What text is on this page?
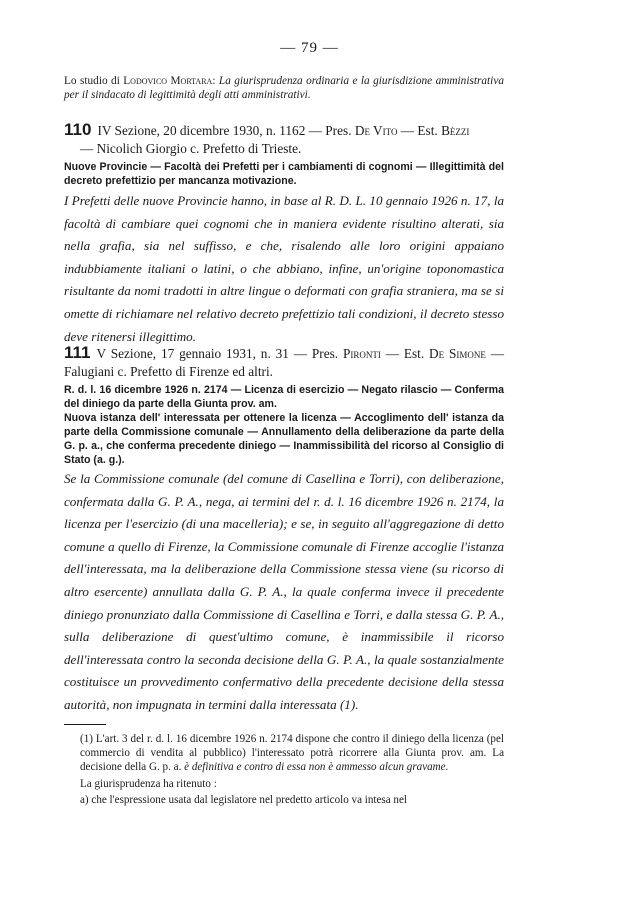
— 79 —
Lo studio di Lodovico Mortara: La giurisprudenza ordinaria e la giurisdizione amministrativa per il sindacato di legittimità degli atti amministrativi.
110 IV Sezione, 20 dicembre 1930, n. 1162 — Pres. De Vito — Est. Bèzzi
— Nicolich Giorgio c. Prefetto di Trieste.
Nuove Provincie — Facoltà dei Prefetti per i cambiamenti di cognomi — Illegittimità del decreto prefettizio per mancanza motivazione.
I Prefetti delle nuove Provincie hanno, in base al R. D. L. 10 gennaio 1926 n. 17, la facoltà di cambiare quei cognomi che in maniera evidente risultino alterati, sia nella grafia, sia nel suffisso, e che, risalendo alle loro origini appaiano indubbiamente italiani o latini, o che abbiano, infine, un'origine toponomastica risultante da nomi tradotti in altre lingue o deformati con grafia straniera, ma se si omette di richiamare nel relativo decreto prefettizio tali condizioni, il decreto stesso deve ritenersi illegittimo.
111 V Sezione, 17 gennaio 1931, n. 31 — Pres. Pironti — Est. De Simone — Falugiani c. Prefetto di Firenze ed altri.
R. d. l. 16 dicembre 1926 n. 2174 — Licenza di esercizio — Negato rilascio — Conferma del diniego da parte della Giunta prov. am.
Nuova istanza dell' interessata per ottenere la licenza — Accoglimento dell' istanza da parte della Commissione comunale — Annullamento della deliberazione da parte della G. p. a., che conferma precedente diniego — Inammissibilità del ricorso al Consiglio di Stato (a. g.).
Se la Commissione comunale (del comune di Casellina e Torri), con deliberazione, confermata dalla G. P. A., nega, ai termini del r. d. l. 16 dicembre 1926 n. 2174, la licenza per l'esercizio (di una macelleria); e se, in seguito all'aggregazione di detto comune a quello di Firenze, la Commissione comunale di Firenze accoglie l'istanza dell'interessata, ma la deliberazione della Commissione stessa viene (su ricorso di altro esercente) annullata dalla G. P. A., la quale conferma invece il precedente diniego pronunziato dalla Commissione di Casellina e Torri, e dalla stessa G. P. A., sulla deliberazione di quest'ultimo comune, è inammissibile il ricorso dell'interessata contro la seconda decisione della G. P. A., la quale sostanzialmente costituisce un provvedimento confermativo della precedente decisione della stessa autorità, non impugnata in termini dalla interessata (1).
(1) L'art. 3 del r. d. l. 16 dicembre 1926 n. 2174 dispone che contro il diniego della licenza (pel commercio di vendita al pubblico) l'interessato potrà ricorrere alla Giunta prov. am. La decisione della G. p. a. è definitiva e contro di essa non è ammesso alcun gravame.
La giurisprudenza ha ritenuto :
a) che l'espressione usata dal legislatore nel predetto articolo va intesa nel
